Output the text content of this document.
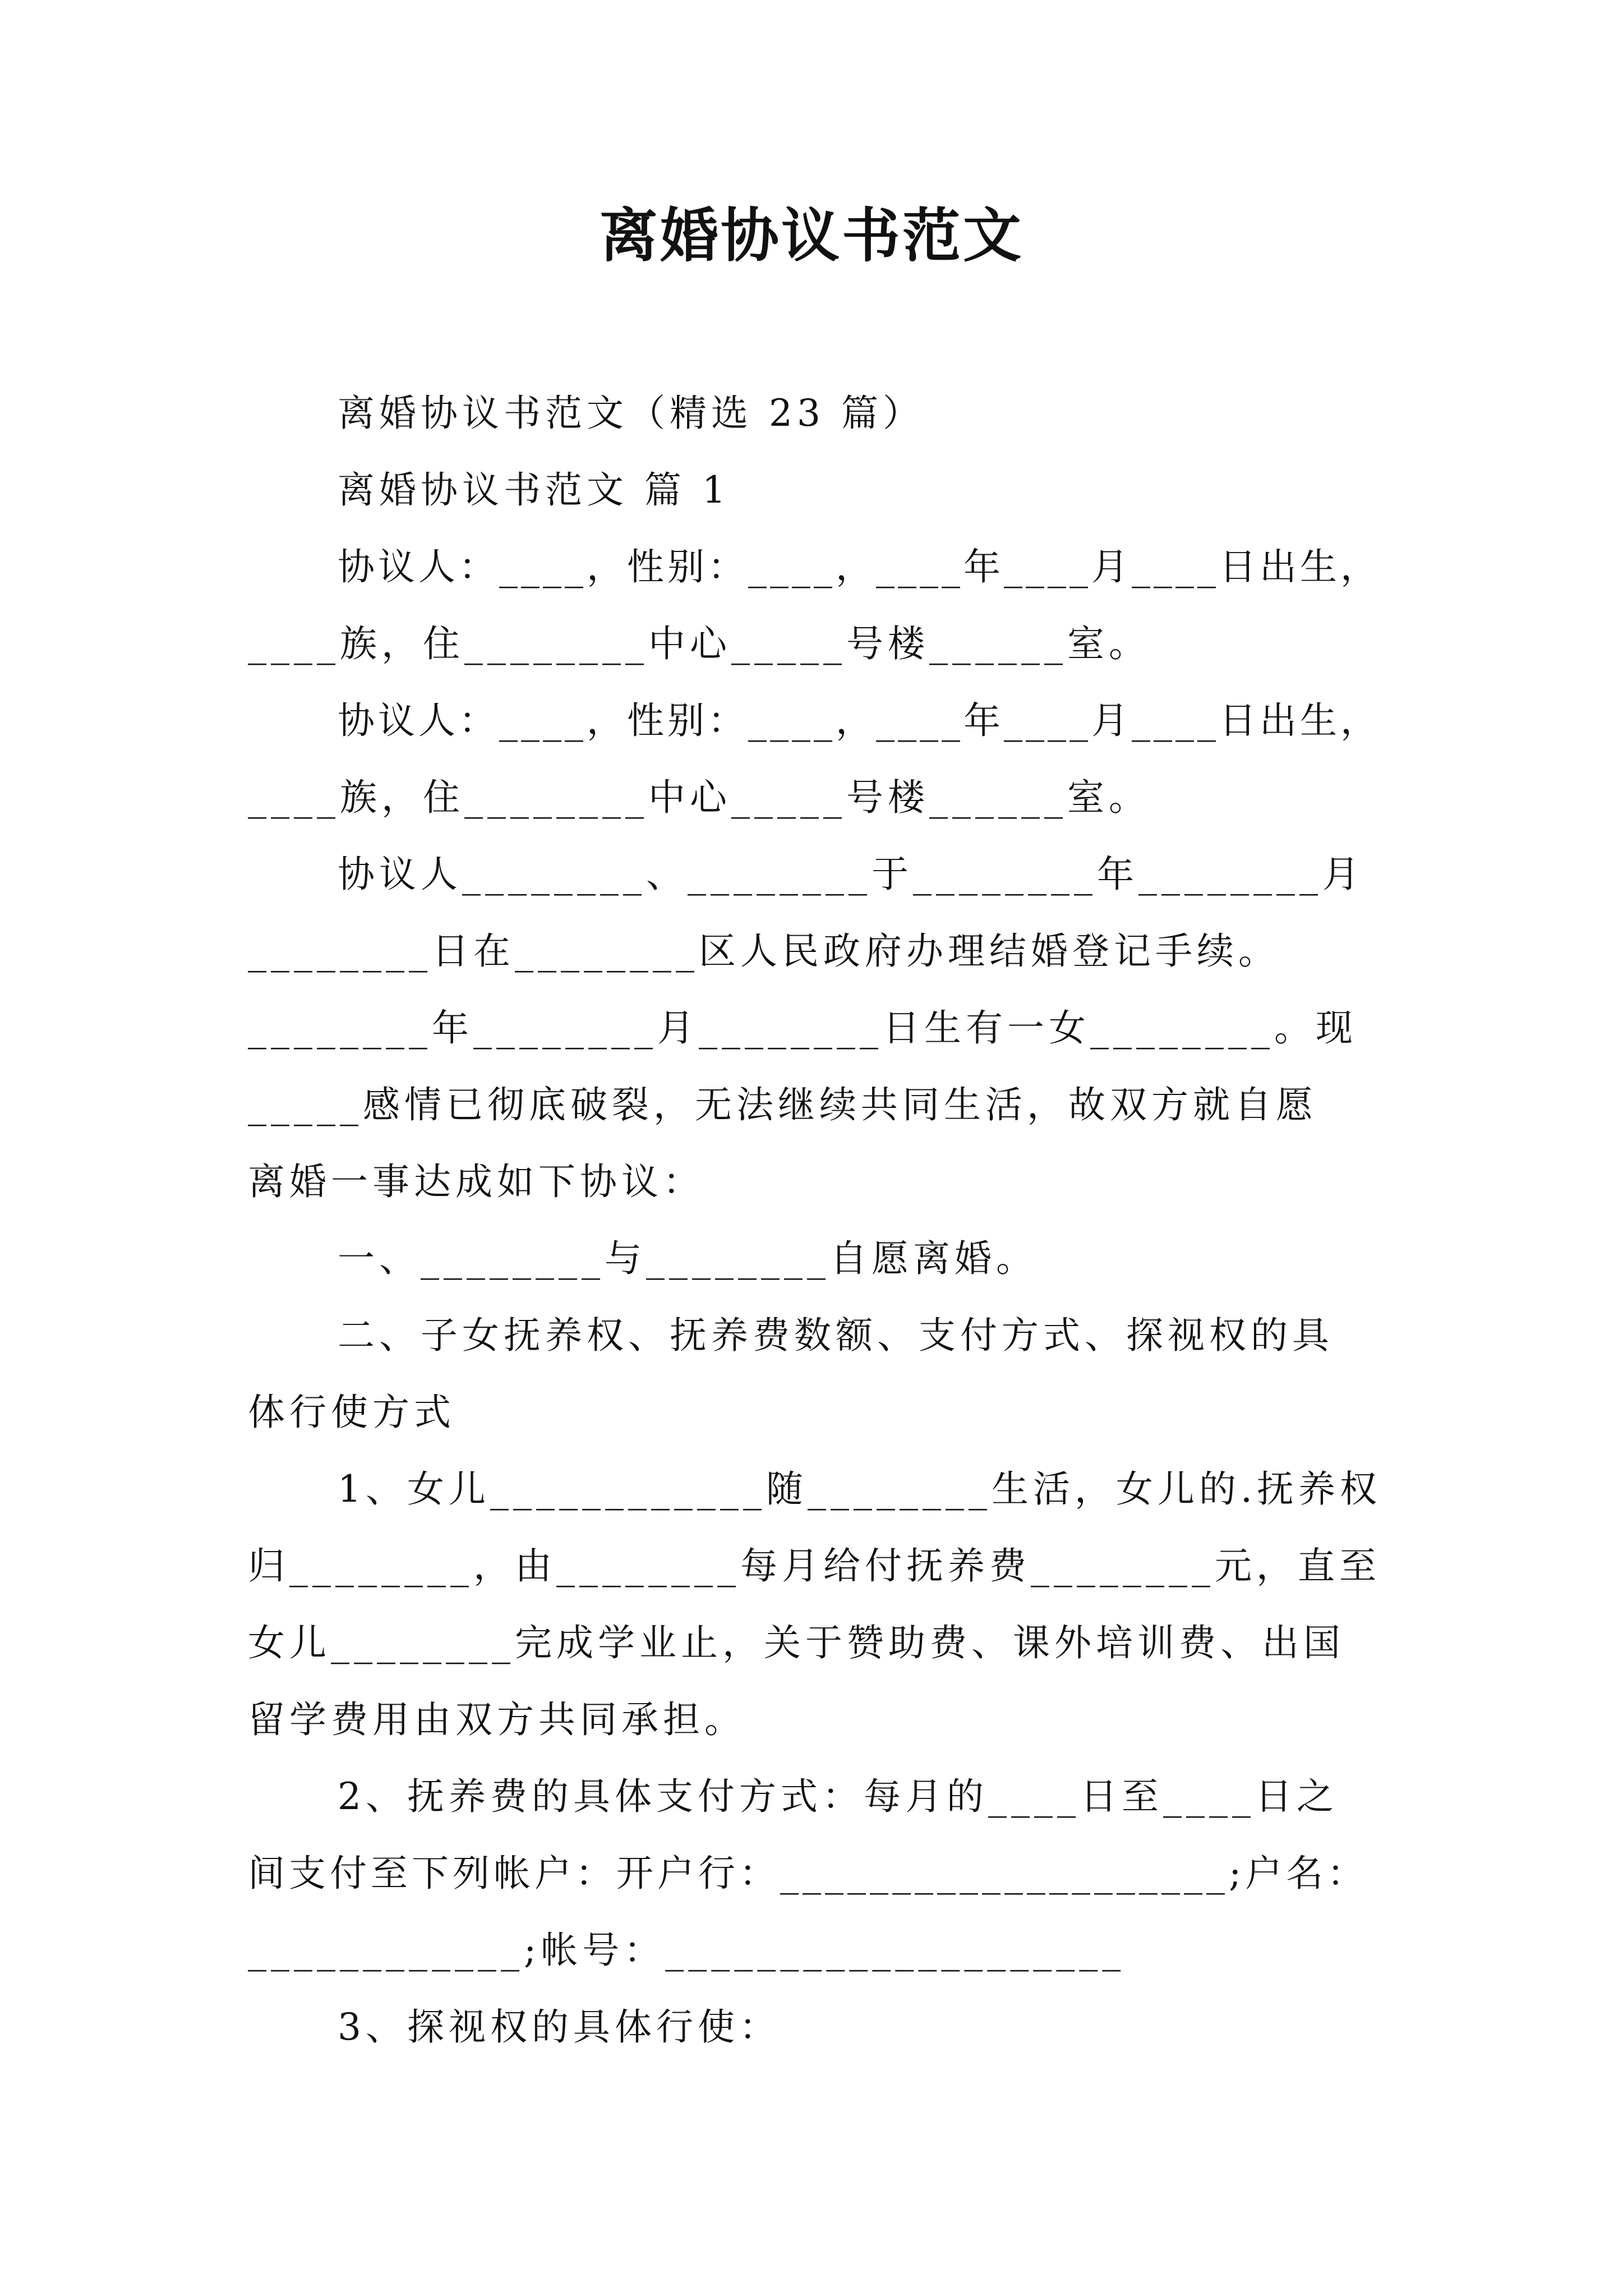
离婚协议书范文
离婚协议书范文（精选 23 篇）
离婚协议书范文 篇 1
协议人：____，性别：____，____年____月____日出生，
____族，住________中心_____号楼______室。
协议人：____，性别：____，____年____月____日出生，
____族，住________中心_____号楼______室。
协议人________、________于________年________月
________日在________区人民政府办理结婚登记手续。
________年________月________日生有一女________。现
_____感情已彻底破裂，无法继续共同生活，故双方就自愿
离婚一事达成如下协议：
一、________与________自愿离婚。
二、子女抚养权、抚养费数额、支付方式、探视权的具
体行使方式
1、女儿____________随________生活，女儿的.抚养权
归________，由________每月给付抚养费________元，直至
女儿________完成学业止，关于赞助费、课外培训费、出国
留学费用由双方共同承担。
2、抚养费的具体支付方式：每月的____日至____日之
间支付至下列帐户：开户行：____________________;户名：
____________;帐号：____________________
3、探视权的具体行使：
